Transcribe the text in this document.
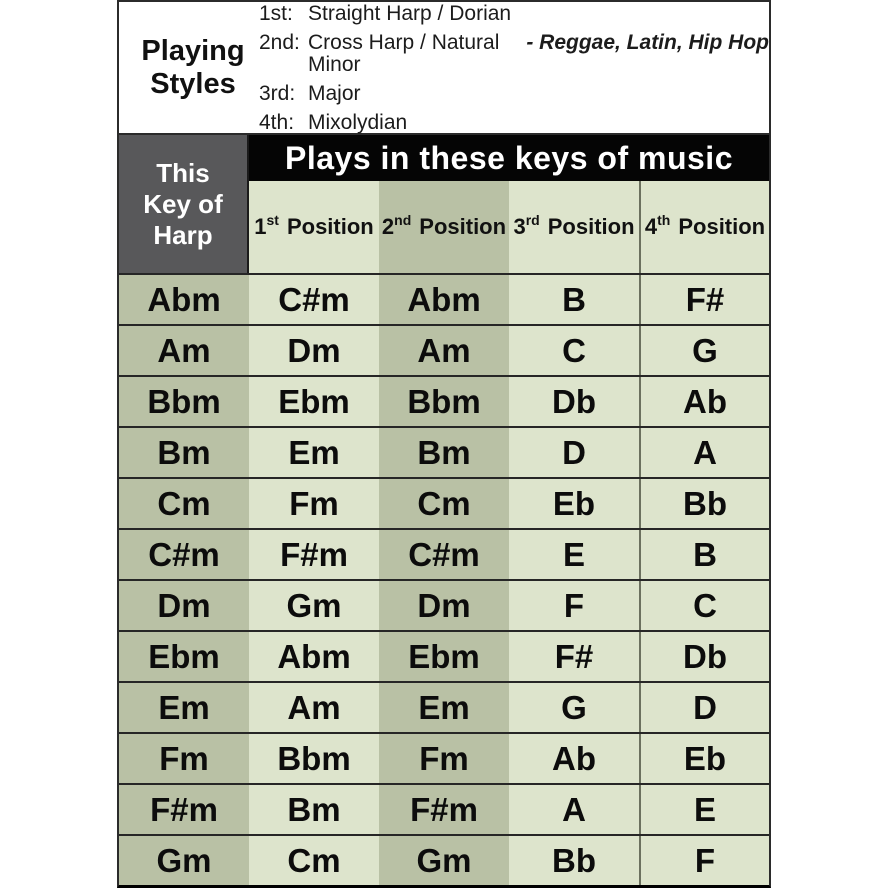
Playing Styles
1st: Straight Harp / Dorian
2nd: Cross Harp / Natural Minor
- Reggae, Latin, Hip Hop
3rd: Major
4th: Mixolydian
This
Key of
Harp
Plays in these keys of music
1st Position 2nd Position 3rd Position 4th Position
Abm	C#m	Abm	B	F#
Am	Dm	Am	C	G
Bbm	Ebm	Bbm	Db	Ab
Bm	Em	Bm	D	A
Cm	Fm	Cm	Eb	Bb
C#m	F#m	C#m	E	B
Dm	Gm	Dm	F	C
Ebm	Abm	Ebm	F#	Db
Em	Am	Em	G	D
Fm	Bbm	Fm	Ab	Eb
F#m	Bm	F#m	A	E
Gm	Cm	Gm	Bb	F
